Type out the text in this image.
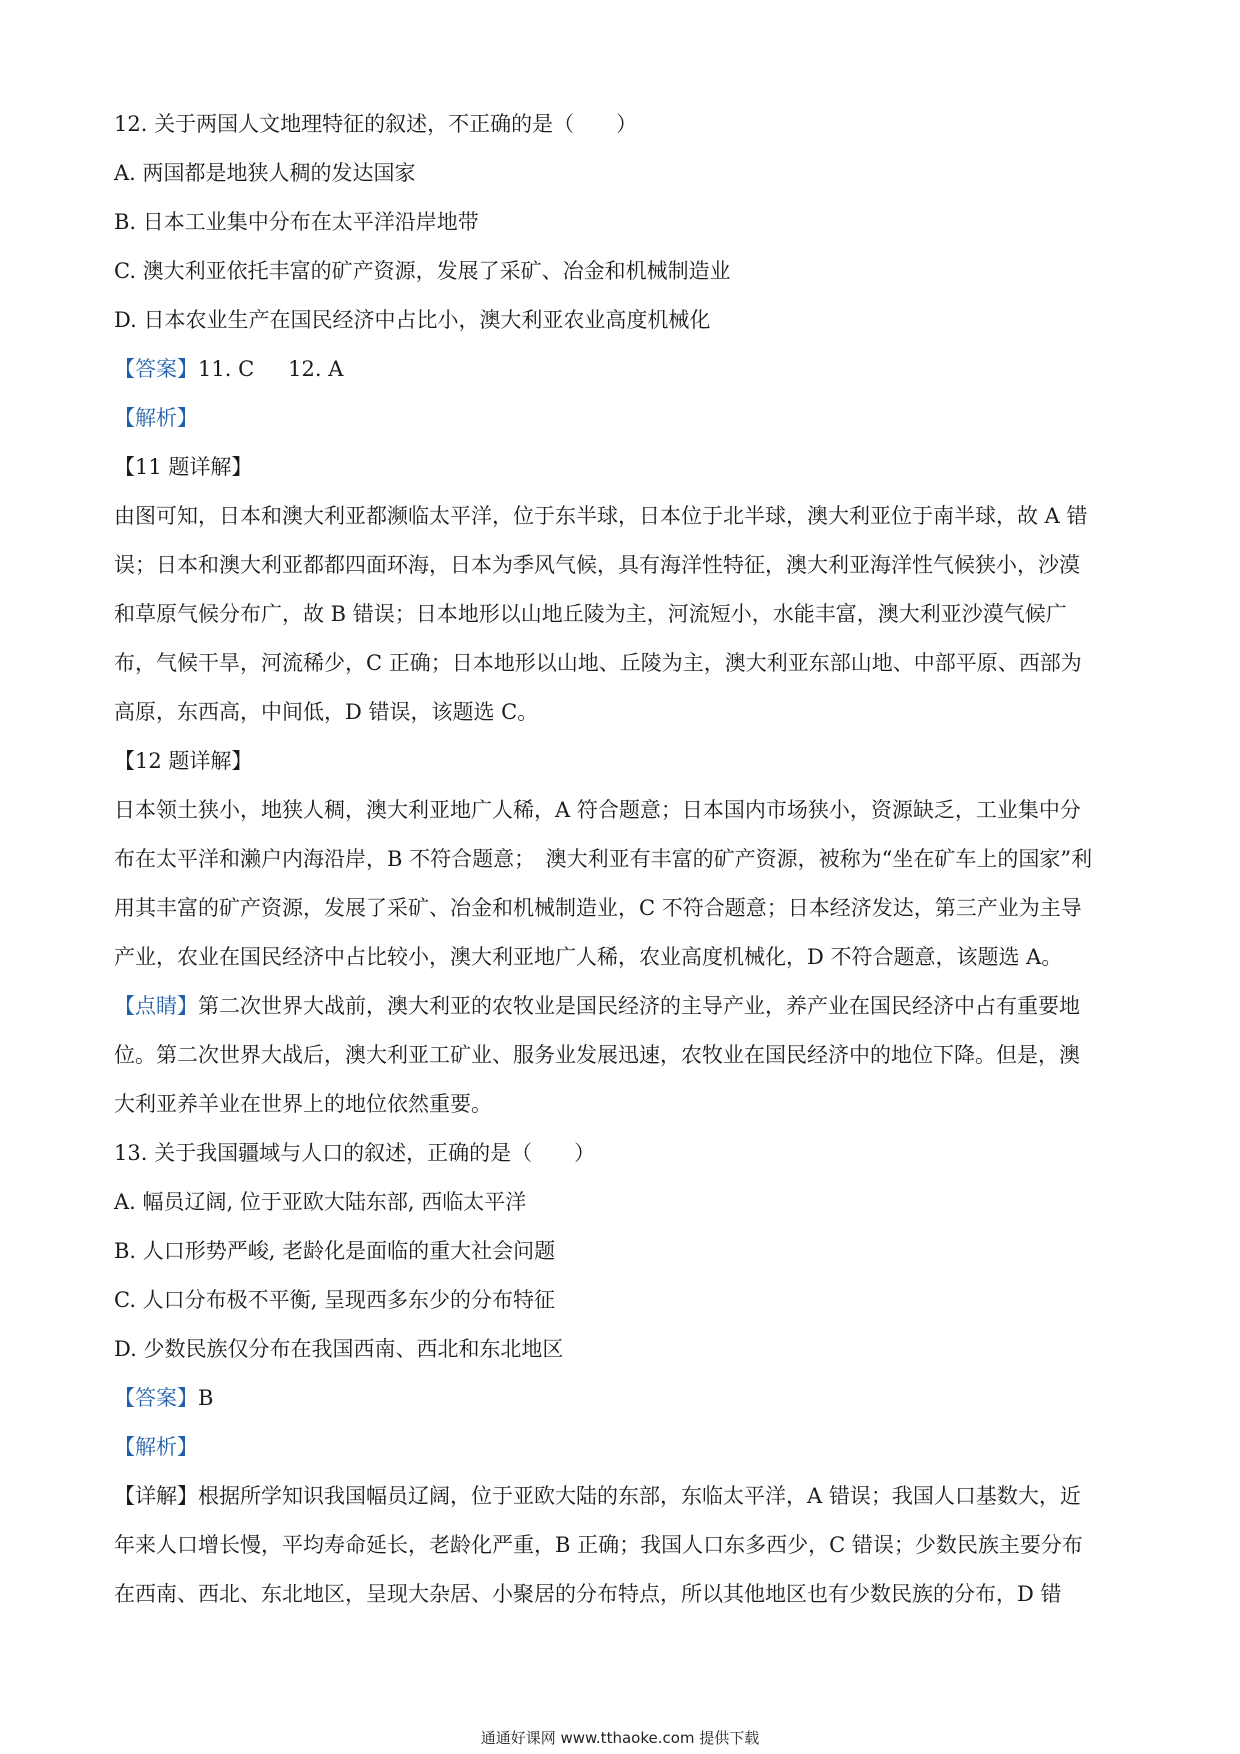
12. 关于两国人文地理特征的叙述，不正确的是（　　）
A. 两国都是地狭人稠的发达国家
B. 日本工业集中分布在太平洋沿岸地带
C. 澳大利亚依托丰富的矿产资源，发展了采矿、冶金和机械制造业
D. 日本农业生产在国民经济中占比小，澳大利亚农业高度机械化
【答案】11. C 12. A
【解析】
【11 题详解】
由图可知，日本和澳大利亚都濒临太平洋，位于东半球，日本位于北半球，澳大利亚位于南半球，故 A 错
误；日本和澳大利亚都都四面环海，日本为季风气候，具有海洋性特征，澳大利亚海洋性气候狭小，沙漠
和草原气候分布广，故 B 错误；日本地形以山地丘陵为主，河流短小，水能丰富，澳大利亚沙漠气候广
布，气候干旱，河流稀少，C 正确；日本地形以山地、丘陵为主，澳大利亚东部山地、中部平原、西部为
高原，东西高，中间低，D 错误，该题选 C。
【12 题详解】
日本领土狭小，地狭人稠，澳大利亚地广人稀，A 符合题意；日本国内市场狭小，资源缺乏，工业集中分
布在太平洋和濑户内海沿岸，B 不符合题意；　澳大利亚有丰富的矿产资源，被称为“坐在矿车上的国家”利
用其丰富的矿产资源，发展了采矿、冶金和机械制造业，C 不符合题意；日本经济发达，第三产业为主导
产业，农业在国民经济中占比较小，澳大利亚地广人稀，农业高度机械化，D 不符合题意，该题选 A。
【点睛】第二次世界大战前，澳大利亚的农牧业是国民经济的主导产业，养产业在国民经济中占有重要地
位。第二次世界大战后，澳大利亚工矿业、服务业发展迅速，农牧业在国民经济中的地位下降。但是，澳
大利亚养羊业在世界上的地位依然重要。
13. 关于我国疆域与人口的叙述，正确的是（　　）
A. 幅员辽阔, 位于亚欧大陆东部, 西临太平洋
B. 人口形势严峻, 老龄化是面临的重大社会问题
C. 人口分布极不平衡, 呈现西多东少的分布特征
D. 少数民族仅分布在我国西南、西北和东北地区
【答案】B
【解析】
【详解】根据所学知识我国幅员辽阔，位于亚欧大陆的东部，东临太平洋，A 错误；我国人口基数大，近
年来人口增长慢，平均寿命延长，老龄化严重，B 正确；我国人口东多西少，C 错误；少数民族主要分布
在西南、西北、东北地区，呈现大杂居、小聚居的分布特点，所以其他地区也有少数民族的分布，D 错
通通好课网 www.tthaoke.com 提供下载
